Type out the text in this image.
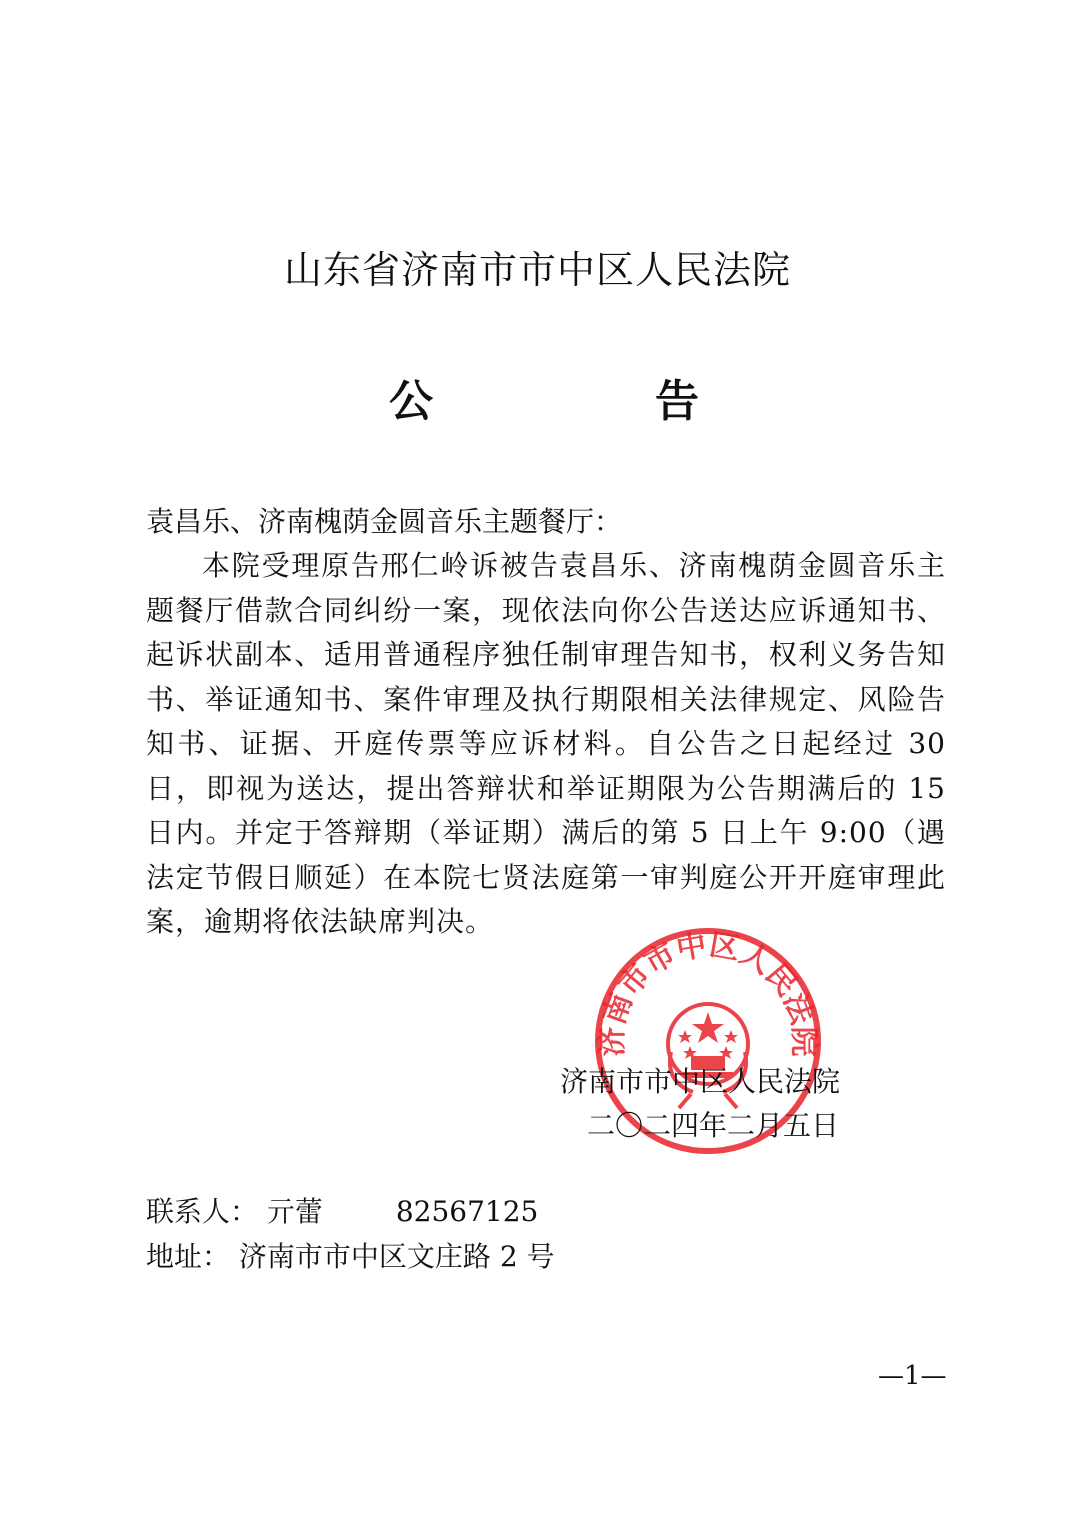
山东省济南市市中区人民法院
公	告
袁昌乐、济南槐荫金圆音乐主题餐厅：
本院受理原告邢仁岭诉被告袁昌乐、济南槐荫金圆音乐主题餐厅借款合同纠纷一案，现依法向你公告送达应诉通知书、起诉状副本、适用普通程序独任制审理告知书，权利义务告知书、举证通知书、案件审理及执行期限相关法律规定、风险告知书、证据、开庭传票等应诉材料。自公告之日起经过 30 日，即视为送达，提出答辩状和举证期限为公告期满后的 15 日内。并定于答辩期（举证期）满后的第 5 日上午 9:00（遇法定节假日顺延）在本院七贤法庭第一审判庭公开开庭审理此案，逾期将依法缺席判决。
济南市市中区人民法院
济南市市中区人民法院
二〇二四年二月五日
联系人： 亓蕾	82567125
地址： 济南市市中区文庄路 2 号
—1—
